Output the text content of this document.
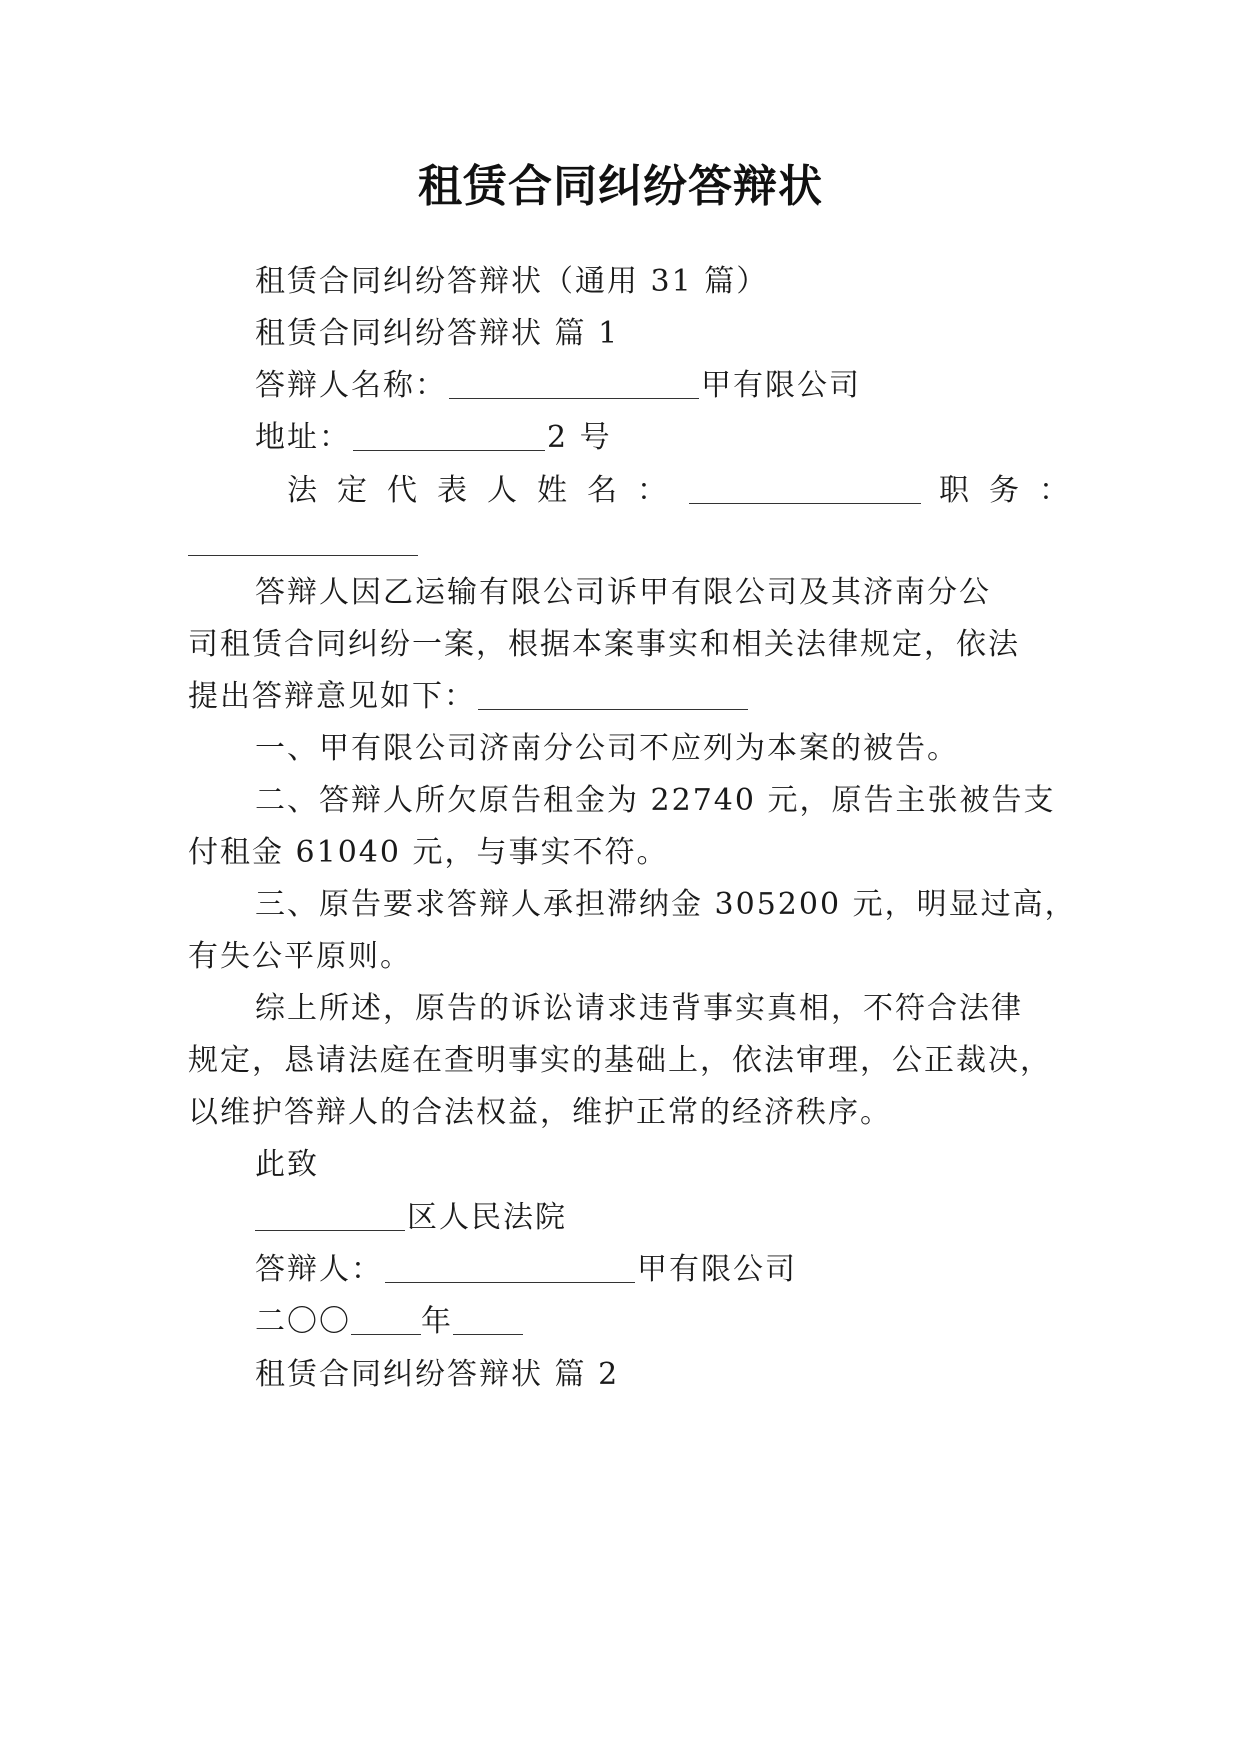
租赁合同纠纷答辩状
租赁合同纠纷答辩状（通用 31 篇）
租赁合同纠纷答辩状 篇 1
答辩人名称：	甲有限公司
地址：	2 号
法定代表人姓名：	职务：
答辩人因乙运输有限公司诉甲有限公司及其济南分公
司租赁合同纠纷一案，根据本案事实和相关法律规定，依法
提出答辩意见如下：
一、甲有限公司济南分公司不应列为本案的被告。
二、答辩人所欠原告租金为 22740 元，原告主张被告支
付租金 61040 元，与事实不符。
三、原告要求答辩人承担滞纳金 305200 元，明显过高，
有失公平原则。
综上所述，原告的诉讼请求违背事实真相，不符合法律
规定，恳请法庭在查明事实的基础上，依法审理，公正裁决，
以维护答辩人的合法权益，维护正常的经济秩序。
此致
区人民法院
答辩人：	甲有限公司
二〇〇 年
租赁合同纠纷答辩状 篇 2
